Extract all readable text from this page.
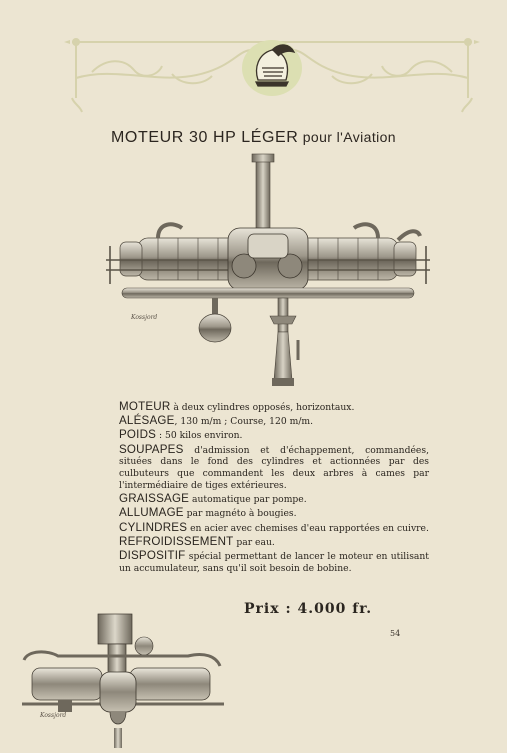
MOTEUR 30 HP LÉGER pour l'Aviation
Kossjord

MOTEUR à deux cylindres opposés, horizontaux.

ALÉSAGE, 130 m/m ; Course, 120 m/m.

POIDS : 50 kilos environ.

SOUPAPES d'admission et d'échappement, commandées, situées dans le fond des cylindres et actionnées par des culbuteurs que commandent les deux arbres à cames par l'intermédiaire de tiges extérieures.

GRAISSAGE automatique par pompe.

ALLUMAGE par magnéto à bougies.

CYLINDRES en acier avec chemises d'eau rapportées en cuivre.

REFROIDISSEMENT par eau.

DISPOSITIF spécial permettant de lancer le moteur en utilisant un accumulateur, sans qu'il soit besoin de bobine.

Prix : 4.000 fr.
54
Kossjord
